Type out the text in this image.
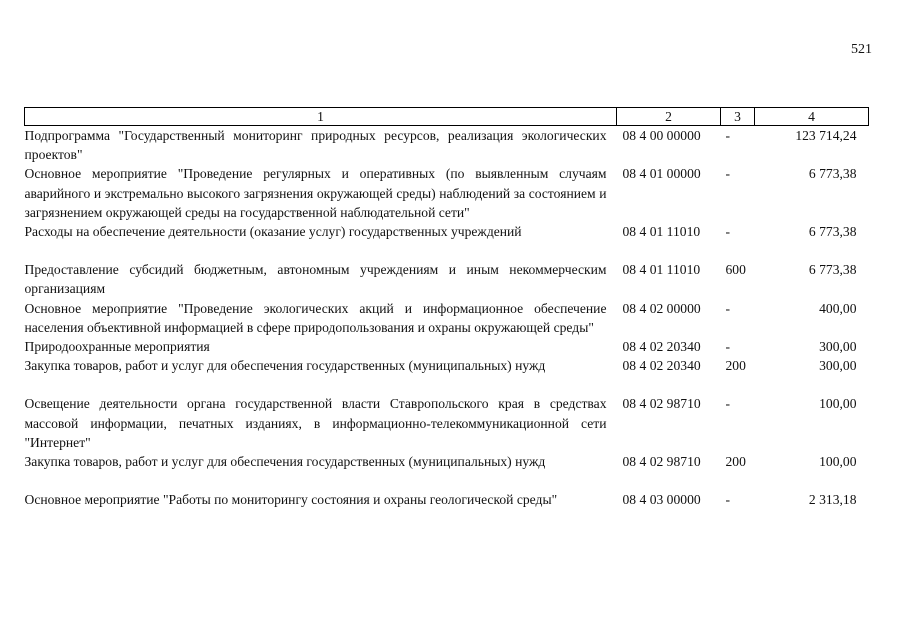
521
1	2	3	4
Подпрограмма "Государственный мониторинг природных ресурсов, реализация экологических проектов"	08 4 00 00000	-	123 714,24
Основное мероприятие "Проведение регулярных и оперативных (по выявленным случаям аварийного и экстремально высокого загрязнения окружающей среды) наблюдений за состоянием и загрязнением окружающей среды на государственной наблюдательной сети"	08 4 01 00000	-	6 773,38
Расходы на обеспечение деятельности (оказание услуг) государственных учреждений	08 4 01 11010	-	6 773,38
Предоставление субсидий бюджетным, автономным учреждениям и иным некоммерческим организациям	08 4 01 11010	600	6 773,38
Основное мероприятие "Проведение экологических акций и информационное обеспечение населения объективной информацией в сфере природопользования и охраны окружающей среды"	08 4 02 00000	-	400,00
Природоохранные мероприятия	08 4 02 20340	-	300,00
Закупка товаров, работ и услуг для обеспечения государственных (муниципальных) нужд	08 4 02 20340	200	300,00
Освещение деятельности органа государственной власти Ставропольского края в средствах массовой информации, печатных изданиях, в информационно-телекоммуникационной сети "Интернет"	08 4 02 98710	-	100,00
Закупка товаров, работ и услуг для обеспечения государственных (муниципальных) нужд	08 4 02 98710	200	100,00
Основное мероприятие "Работы по мониторингу состояния и охраны геологической среды"	08 4 03 00000	-	2 313,18
